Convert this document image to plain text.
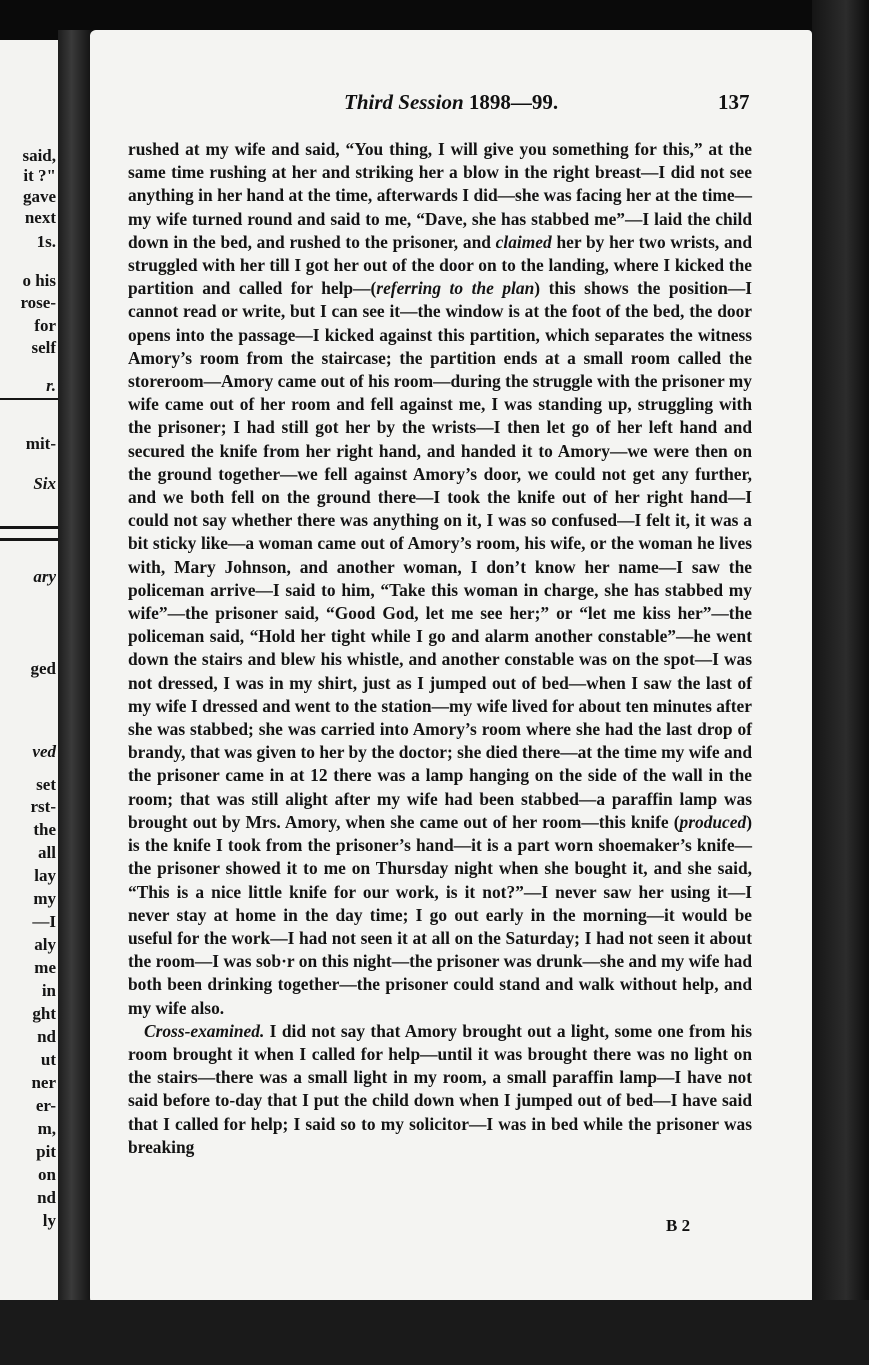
said,
it ?"
gave
next
1s.
o his
rose-
for
self
r.
mit-
Six
ary
ged
ved
set
rst-
the
all
lay
my
—I
aly
me
in
ght
nd
ut
ner
er-
m,
pit
on
nd
ly
Third Session 1898—99.	137

rushed at my wife and said, “You thing, I will give you something for this,” at the same time rushing at her and striking her a blow in the right breast—I did not see anything in her hand at the time, afterwards I did—she was facing her at the time—my wife turned round and said to me, “Dave, she has stabbed me”—I laid the child down in the bed, and rushed to the prisoner, and claimed her by her two wrists, and struggled with her till I got her out of the door on to the landing, where I kicked the partition and called for help—(referring to the plan) this shows the position—I cannot read or write, but I can see it—the window is at the foot of the bed, the door opens into the passage—I kicked against this partition, which separates the witness Amory’s room from the staircase; the partition ends at a small room called the storeroom—Amory came out of his room—during the struggle with the prisoner my wife came out of her room and fell against me, I was standing up, struggling with the prisoner; I had still got her by the wrists—I then let go of her left hand and secured the knife from her right hand, and handed it to Amory—we were then on the ground together—we fell against Amory’s door, we could not get any further, and we both fell on the ground there—I took the knife out of her right hand—I could not say whether there was anything on it, I was so confused—I felt it, it was a bit sticky like—a woman came out of Amory’s room, his wife, or the woman he lives with, Mary Johnson, and another woman, I don’t know her name—I saw the policeman arrive—I said to him, “Take this woman in charge, she has stabbed my wife”—the prisoner said, “Good God, let me see her;” or “let me kiss her”—the policeman said, “Hold her tight while I go and alarm another constable”—he went down the stairs and blew his whistle, and another constable was on the spot—I was not dressed, I was in my shirt, just as I jumped out of bed—when I saw the last of my wife I dressed and went to the station—my wife lived for about ten minutes after she was stabbed; she was carried into Amory’s room where she had the last drop of brandy, that was given to her by the doctor; she died there—at the time my wife and the prisoner came in at 12 there was a lamp hanging on the side of the wall in the room; that was still alight after my wife had been stabbed—a paraffin lamp was brought out by Mrs. Amory, when she came out of her room—this knife (produced) is the knife I took from the prisoner’s hand—it is a part worn shoemaker’s knife—the prisoner showed it to me on Thursday night when she bought it, and she said, “This is a nice little knife for our work, is it not?”—I never saw her using it—I never stay at home in the day time; I go out early in the morning—it would be useful for the work—I had not seen it at all on the Saturday; I had not seen it about the room—I was sob·r on this night—the prisoner was drunk—she and my wife had both been drinking together—the prisoner could stand and walk without help, and my wife also.

Cross-examined. I did not say that Amory brought out a light, some one from his room brought it when I called for help—until it was brought there was no light on the stairs—there was a small light in my room, a small paraffin lamp—I have not said before to-day that I put the child down when I jumped out of bed—I have said that I called for help; I said so to my solicitor—I was in bed while the prisoner was breaking

B 2
